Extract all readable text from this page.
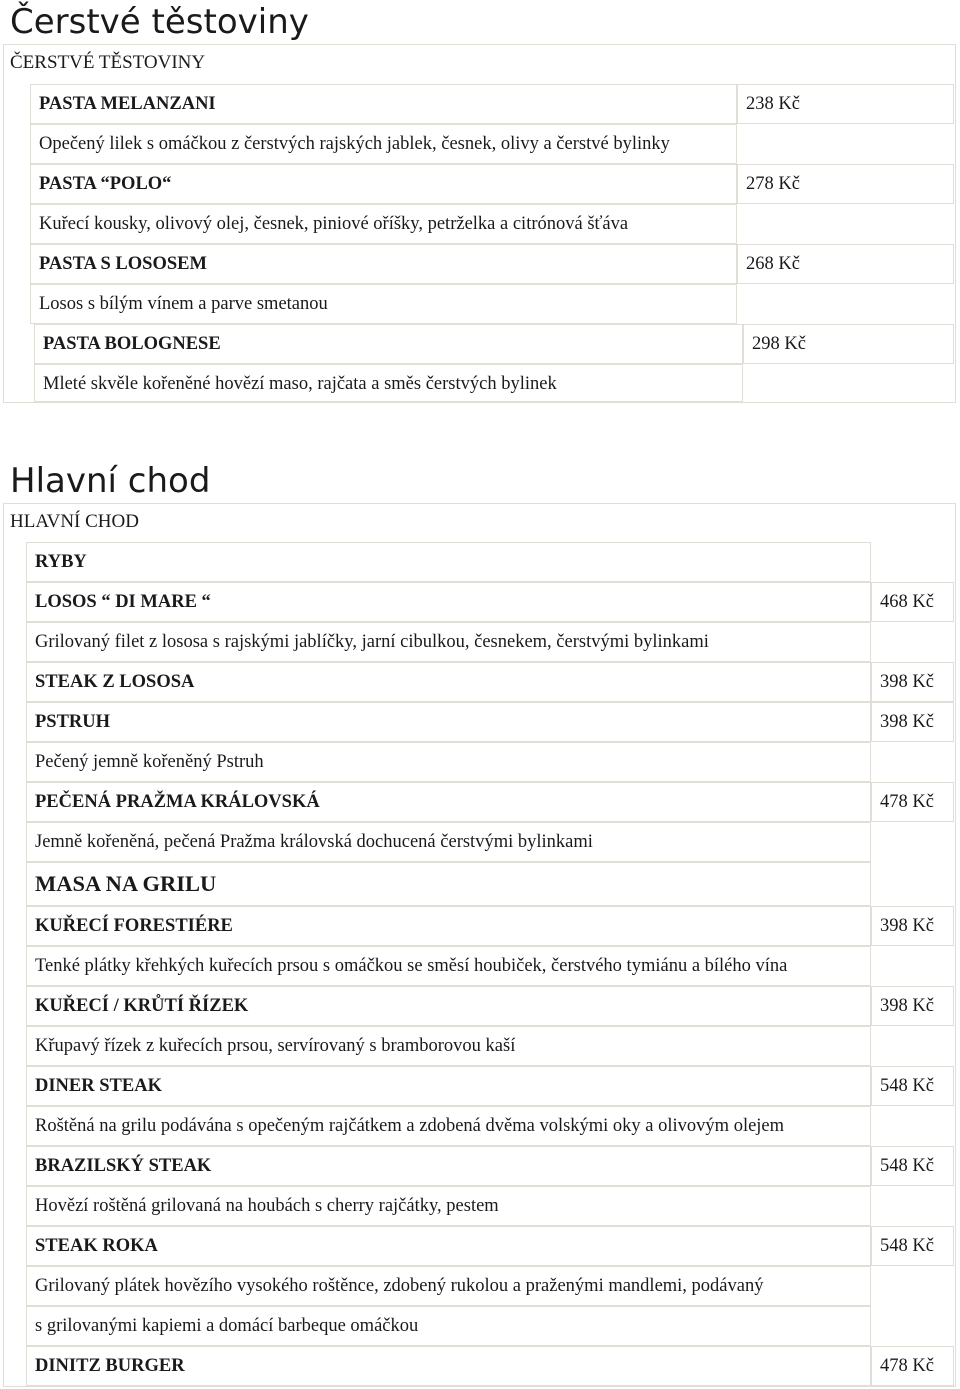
Čerstvé těstoviny
ČERSTVÉ TĚSTOVINY
PASTA MELANZANI	238 Kč
Opečený lilek s omáčkou z čerstvých rajských jablek, česnek, olivy a čerstvé bylinky
PASTA “POLO“	278 Kč
Kuřecí kousky, olivový olej, česnek, piniové oříšky, petrželka a citrónová šťáva
PASTA S LOSOSEM	268 Kč
Losos s bílým vínem a parve smetanou
PASTA BOLOGNESE	298 Kč
Mleté skvěle kořeněné hovězí maso, rajčata a směs čerstvých bylinek
Hlavní chod
HLAVNÍ CHOD
RYBY
LOSOS “ DI MARE “	468 Kč
Grilovaný filet z lososa s rajskými jablíčky, jarní cibulkou, česnekem, čerstvými bylinkami
STEAK Z LOSOSA	398 Kč
PSTRUH	398 Kč
Pečený jemně kořeněný Pstruh
PEČENÁ PRAŽMA KRÁLOVSKÁ	478 Kč
Jemně kořeněná, pečená Pražma královská dochucená čerstvými bylinkami
MASA NA GRILU
KUŘECÍ FORESTIÉRE	398 Kč
Tenké plátky křehkých kuřecích prsou s omáčkou se směsí houbiček, čerstvého tymiánu a bílého vína
KUŘECÍ / KRŮTÍ ŘÍZEK	398 Kč
Křupavý řízek z kuřecích prsou, servírovaný s bramborovou kaší
DINER STEAK	548 Kč
Roštěná na grilu podávána s opečeným rajčátkem a zdobená dvěma volskými oky a olivovým olejem
BRAZILSKÝ STEAK	548 Kč
Hovězí roštěná grilovaná na houbách s cherry rajčátky, pestem
STEAK ROKA	548 Kč
Grilovaný plátek hovězího vysokého roštěnce, zdobený rukolou a praženými mandlemi, podávaný
s grilovanými kapiemi a domácí barbeque omáčkou
DINITZ BURGER	478 Kč
